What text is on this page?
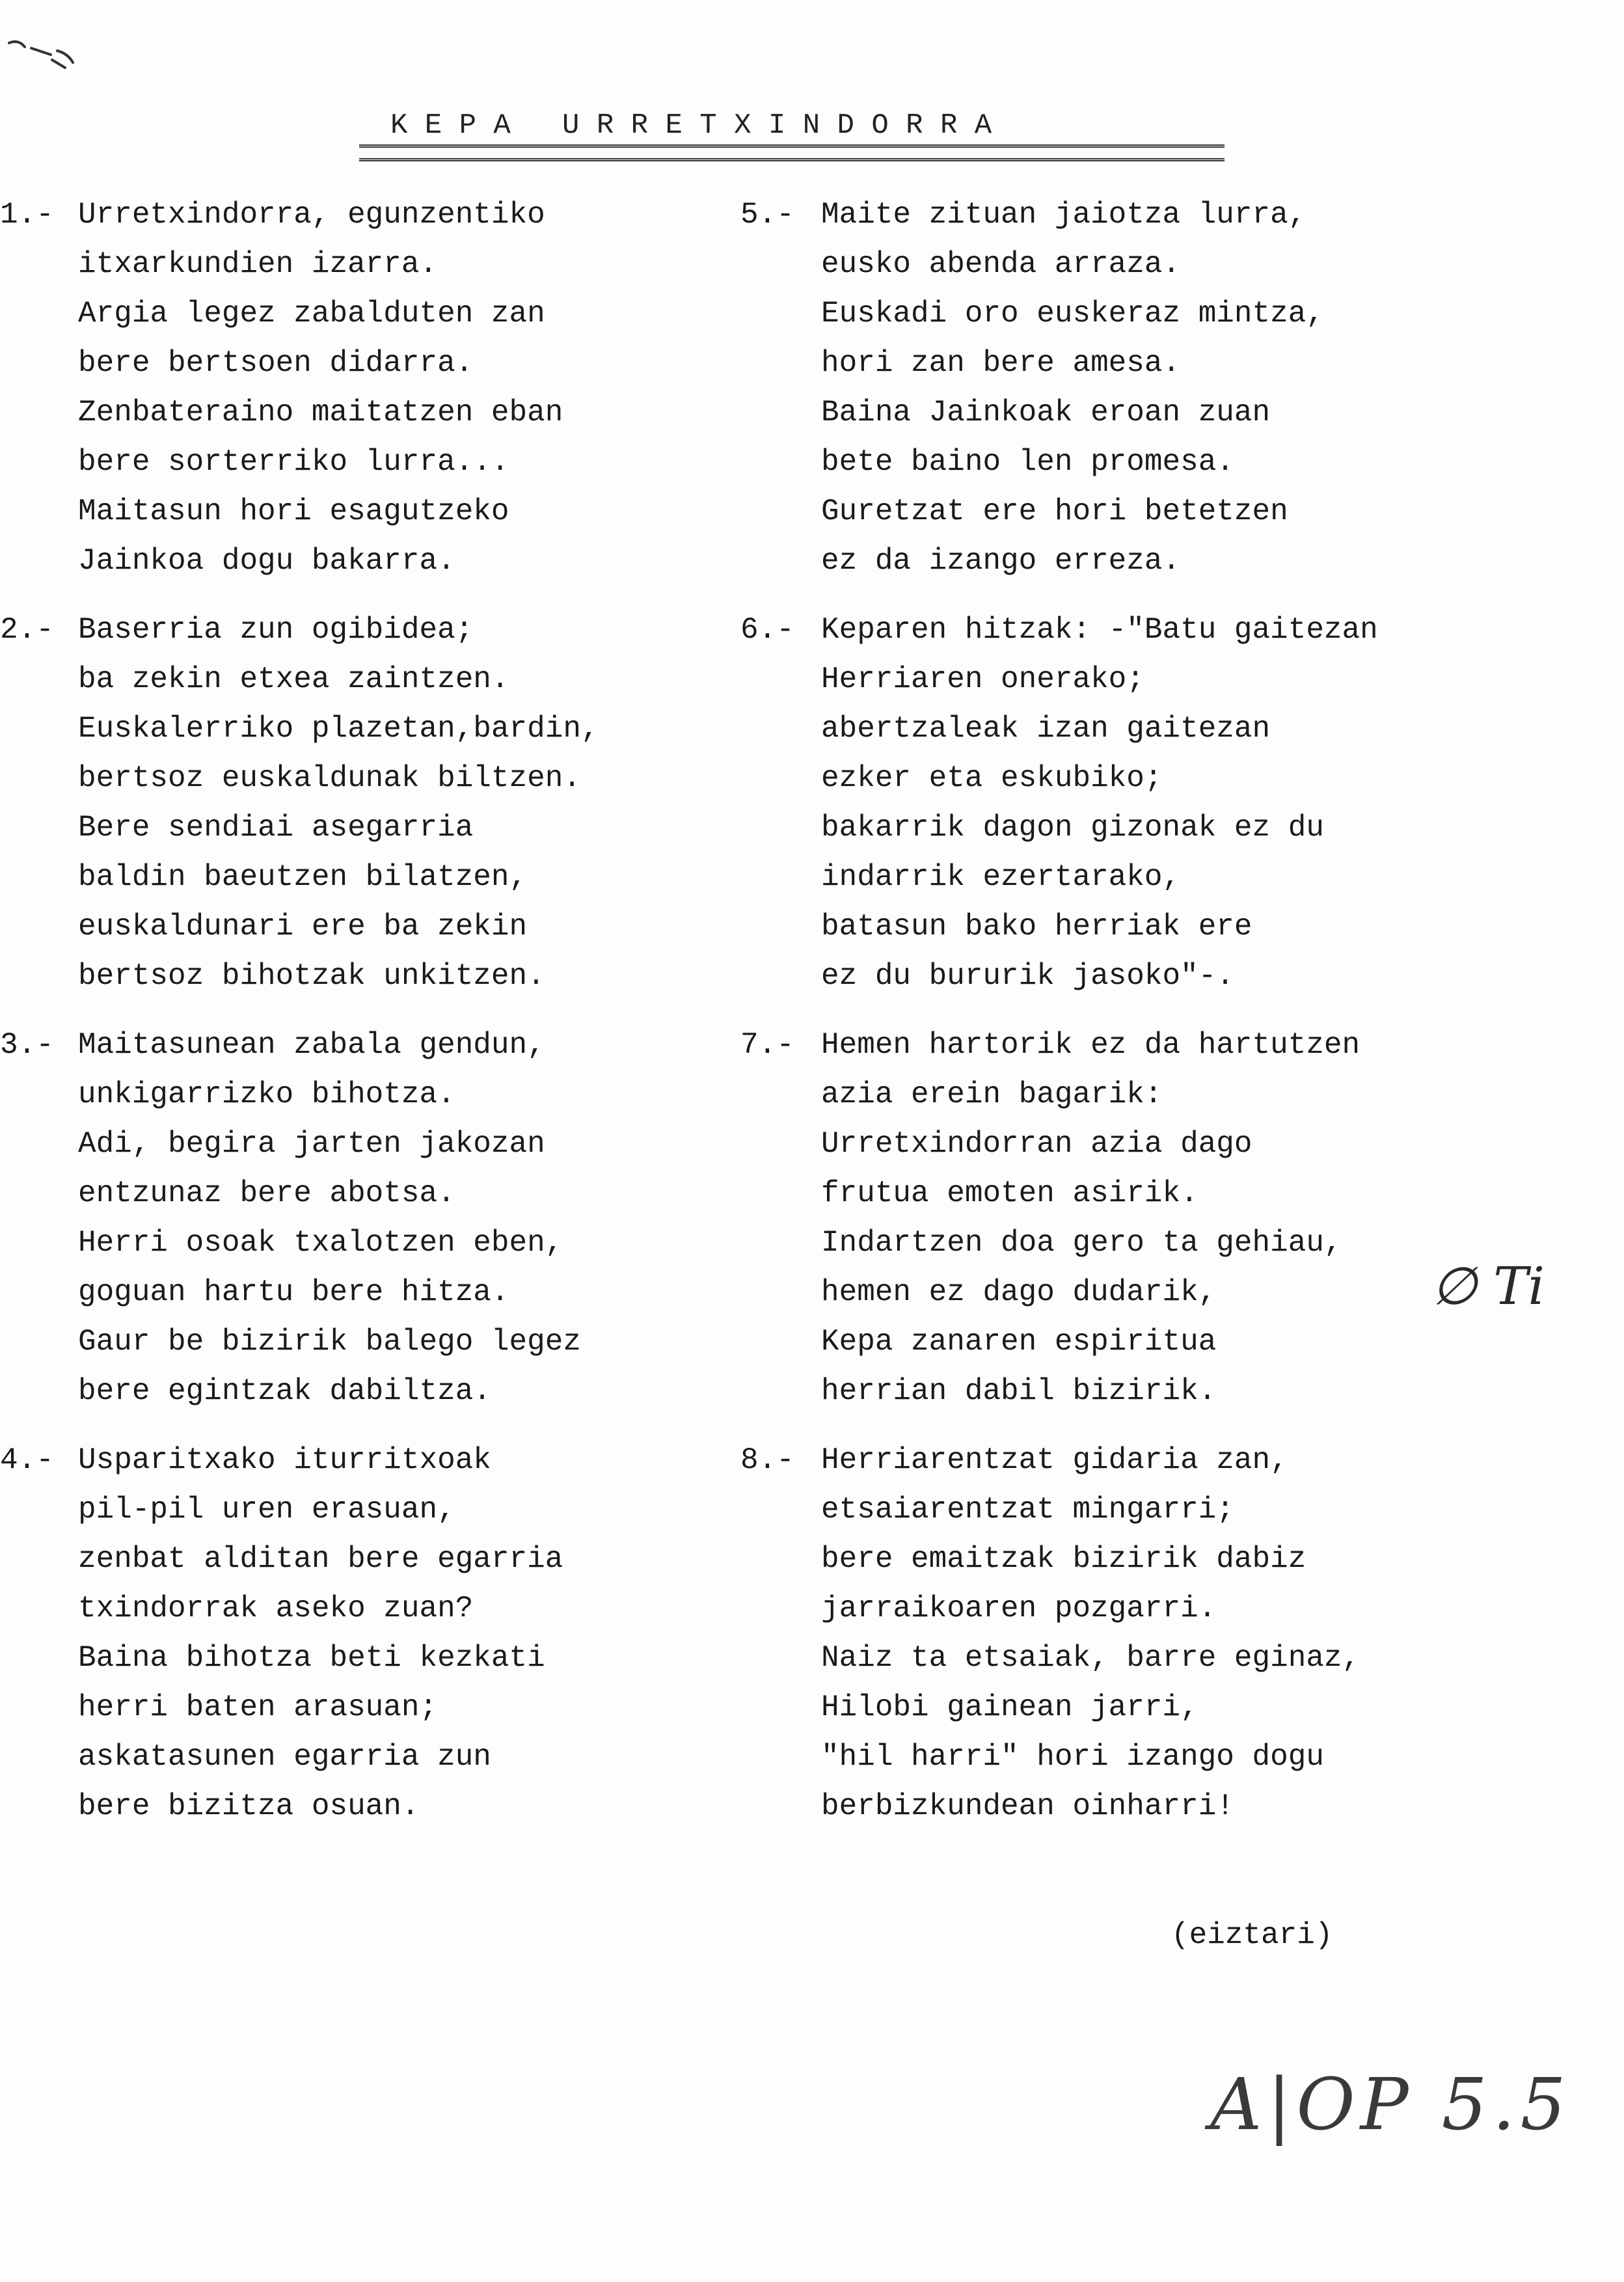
K E P A   U R R E T X I N D O R R A
1.- Urretxindorra, egunzentiko
itxarkundien izarra.
Argia legez zabalduten zan
bere bertsoen didarra.
Zenbateraino maitatzen eban
bere sorterriko lurra...
Maitasun hori esagutzeko
Jainkoa dogu bakarra.
2.- Baserria zun ogibidea;
ba zekin etxea zaintzen.
Euskalerriko plazetan,bardin,
bertsoz euskaldunak biltzen.
Bere sendiai asegarria
baldin baeutzen bilatzen,
euskaldunari ere ba zekin
bertsoz bihotzak unkitzen.
3.- Maitasunean zabala gendun,
unkigarrizko bihotza.
Adi, begira jarten jakozan
entzunaz bere abotsa.
Herri osoak txalotzen eben,
goguan hartu bere hitza.
Gaur be bizirik balego legez
bere egintzak dabiltza.
4.- Usparitxako iturritxoak
pil-pil uren erasuan,
zenbat alditan bere egarria
txindorrak aseko zuan?
Baina bihotza beti kezkati
herri baten arasuan;
askatasunen egarria zun
bere bizitza osuan.
5.- Maite zituan jaiotza lurra,
eusko abenda arraza.
Euskadi oro euskeraz mintza,
hori zan bere amesa.
Baina Jainkoak eroan zuan
bete baino len promesa.
Guretzat ere hori betetzen
ez da izango erreza.
6.- Keparen hitzak: -"Batu gaitezan
Herriaren onerako;
abertzaleak izan gaitezan
ezker eta eskubiko;
bakarrik dagon gizonak ez du
indarrik ezertarako,
batasun bako herriak ere
ez du bururik jasoko"-.
7.- Hemen hartorik ez da hartutzen
azia erein bagarik:
Urretxindorran azia dago
frutua emoten asirik.
Indartzen doa gero ta gehiau,
hemen ez dago dudarik,
Kepa zanaren espiritua
herrian dabil bizirik.
8.- Herriarentzat gidaria zan,
etsaiarentzat mingarri;
bere emaitzak bizirik dabiz
jarraikoaren pozgarri.
Naiz ta etsaiak, barre eginaz,
Hilobi gainean jarri,
"hil harri" hori izango dogu
berbizkundean oinharri!
∅ Ti
(eiztari)
A|OP 5.5
